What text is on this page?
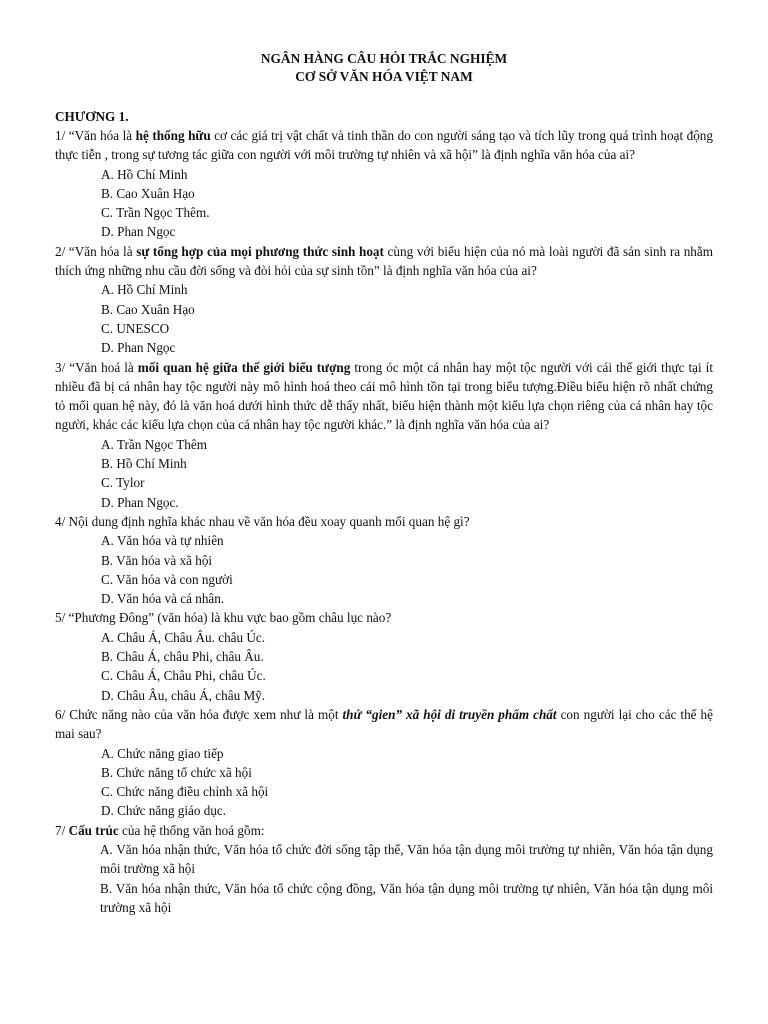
NGÂN HÀNG CÂU HỎI TRẮC NGHIỆM

CƠ SỞ VĂN HÓA VIỆT NAM

CHƯƠNG 1.

1/ “Văn hóa là hệ thống hữu cơ các giá trị vật chất và tinh thần do con người sáng tạo và tích lũy trong quá trình hoạt động thực tiễn , trong sự tương tác giữa con người với môi trường tự nhiên và xã hội” là định nghĩa văn hóa của ai?

A. Hồ Chí Minh
B. Cao Xuân Hạo
C. Trần Ngọc Thêm.
D. Phan Ngọc

2/ “Văn hóa là sự tổng hợp của mọi phương thức sinh hoạt cùng với biểu hiện của nó mà loài người đã sản sinh ra nhằm thích ứng những nhu cầu đời sống và đòi hỏi của sự sinh tồn” là định nghĩa văn hóa của ai?

A. Hồ Chí Minh
B. Cao Xuân Hạo
C. UNESCO
D. Phan Ngọc

3/ “Văn hoá là mối quan hệ giữa thế giới biểu tượng trong óc một cá nhân hay một tộc người với cái thế giới thực tại ít nhiều đã bị cá nhân hay tộc người này mô hình hoá theo cái mô hình tồn tại trong biểu tượng.Điều biểu hiện rõ nhất chứng tỏ mối quan hệ này, đó là văn hoá dưới hình thức dễ thấy nhất, biểu hiện thành một kiểu lựa chọn riêng của cá nhân hay tộc người, khác các kiểu lựa chọn của cá nhân hay tộc người khác.” là định nghĩa văn hóa của ai?

A. Trần Ngọc Thêm
B. Hồ Chí Minh
C. Tylor
D. Phan Ngọc.

4/ Nội dung định nghĩa khác nhau về văn hóa đều xoay quanh mối quan hệ gì?

A. Văn hóa và tự nhiên
B. Văn hóa và xã hội
C. Văn hóa và con người
D. Văn hóa và cá nhân.

5/ “Phương Đông” (văn hóa) là khu vực bao gồm châu lục nào?

A. Châu Á, Châu Âu. châu Úc.
B. Châu Á, châu Phi, châu Âu.
C. Châu Á, Châu Phi, châu Úc.
D. Châu Âu, châu Á, châu Mỹ.

6/ Chức năng nào của văn hóa được xem như là một thứ “gien” xã hội di truyền phẩm chất con người lại cho các thế hệ mai sau?

A. Chức năng giao tiếp
B. Chức năng tổ chức xã hội
C. Chức năng điều chỉnh xã hội
D. Chức năng giáo dục.

7/ Cấu trúc của hệ thống văn hoá gồm:

A. Văn hóa nhận thức, Văn hóa tổ chức đời sống tập thể, Văn hóa tận dụng môi trường tự nhiên, Văn hóa tận dụng môi trường xã hội
B. Văn hóa nhận thức, Văn hóa tổ chức cộng đồng, Văn hóa tận dụng môi trường tự nhiên, Văn hóa tận dụng môi trường xã hội
